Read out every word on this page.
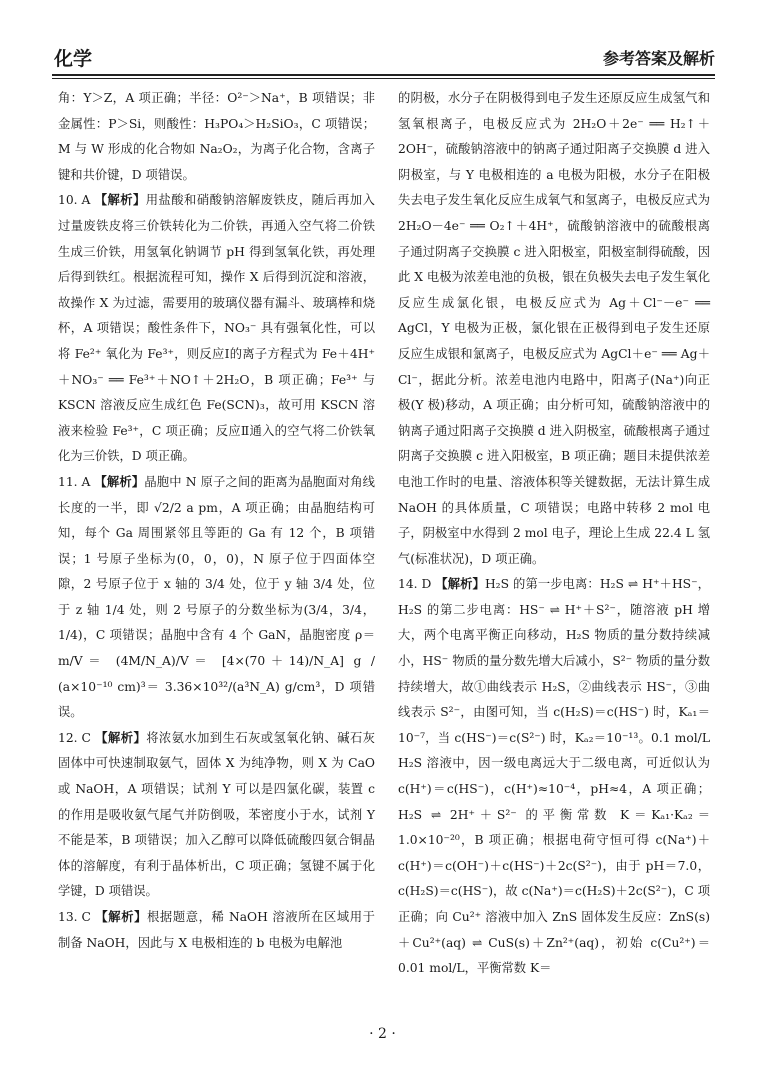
化学	参考答案及解析

角：Y＞Z，A 项正确；半径：O²⁻＞Na⁺，B 项错误；非金属性：P＞Si，则酸性：H₃PO₄＞H₂SiO₃，C 项错误；M 与 W 形成的化合物如 Na₂O₂，为离子化合物，含离子键和共价键，D 项错误。

10. A 【解析】用盐酸和硝酸钠溶解废铁皮，随后再加入过量废铁皮将三价铁转化为二价铁，再通入空气将二价铁生成三价铁，用氢氧化钠调节 pH 得到氢氧化铁，再处理后得到铁红。根据流程可知，操作 X 后得到沉淀和溶液，故操作 X 为过滤，需要用的玻璃仪器有漏斗、玻璃棒和烧杯，A 项错误；酸性条件下，NO₃⁻ 具有强氧化性，可以将 Fe²⁺ 氧化为 Fe³⁺，则反应Ⅰ的离子方程式为 Fe＋4H⁺＋NO₃⁻ ══ Fe³⁺＋NO↑＋2H₂O，B 项正确；Fe³⁺ 与 KSCN 溶液反应生成红色 Fe(SCN)₃，故可用 KSCN 溶液来检验 Fe³⁺，C 项正确；反应Ⅱ通入的空气将二价铁氧化为三价铁，D 项正确。

11. A 【解析】晶胞中 N 原子之间的距离为晶胞面对角线长度的一半，即 √2/2 a pm，A 项正确；由晶胞结构可知，每个 Ga 周围紧邻且等距的 Ga 有 12 个，B 项错误；1 号原子坐标为(0，0，0)，N 原子位于四面体空隙，2 号原子位于 x 轴的 3/4 处，位于 y 轴 3/4 处，位于 z 轴 1/4 处，则 2 号原子的分数坐标为(3/4，3/4，1/4)，C 项错误；晶胞中含有 4 个 GaN，晶胞密度 ρ＝ m/V＝ (4M/N_A)/V＝ [4×(70＋14)/N_A] g / (a×10⁻¹⁰ cm)³＝ 3.36×10³²/(a³N_A) g/cm³，D 项错误。

12. C 【解析】将浓氨水加到生石灰或氢氧化钠、碱石灰固体中可快速制取氨气，固体 X 为纯净物，则 X 为 CaO 或 NaOH，A 项错误；试剂 Y 可以是四氯化碳，装置 c 的作用是吸收氨气尾气并防倒吸，苯密度小于水，试剂 Y 不能是苯，B 项错误；加入乙醇可以降低硫酸四氨合铜晶体的溶解度，有利于晶体析出，C 项正确；氢键不属于化学键，D 项错误。

13. C 【解析】根据题意，稀 NaOH 溶液所在区域用于制备 NaOH，因此与 X 电极相连的 b 电极为电解池

的阴极，水分子在阴极得到电子发生还原反应生成氢气和氢氧根离子，电极反应式为 2H₂O＋2e⁻ ══ H₂↑＋2OH⁻，硫酸钠溶液中的钠离子通过阳离子交换膜 d 进入阴极室，与 Y 电极相连的 a 电极为阳极，水分子在阳极失去电子发生氧化反应生成氧气和氢离子，电极反应式为 2H₂O－4e⁻ ══ O₂↑＋4H⁺，硫酸钠溶液中的硫酸根离子通过阴离子交换膜 c 进入阳极室，阳极室制得硫酸，因此 X 电极为浓差电池的负极，银在负极失去电子发生氧化反应生成氯化银，电极反应式为 Ag＋Cl⁻－e⁻ ══ AgCl，Y 电极为正极，氯化银在正极得到电子发生还原反应生成银和氯离子，电极反应式为 AgCl＋e⁻ ══ Ag＋Cl⁻，据此分析。浓差电池内电路中，阳离子(Na⁺)向正极(Y 极)移动，A 项正确；由分析可知，硫酸钠溶液中的钠离子通过阳离子交换膜 d 进入阴极室，硫酸根离子通过阴离子交换膜 c 进入阳极室，B 项正确；题目未提供浓差电池工作时的电量、溶液体积等关键数据，无法计算生成 NaOH 的具体质量，C 项错误；电路中转移 2 mol 电子，阴极室中水得到 2 mol 电子，理论上生成 22.4 L 氢气(标准状况)，D 项正确。

14. D 【解析】H₂S 的第一步电离：H₂S ⇌ H⁺＋HS⁻，H₂S 的第二步电离：HS⁻ ⇌ H⁺＋S²⁻，随溶液 pH 增大，两个电离平衡正向移动，H₂S 物质的量分数持续减小，HS⁻ 物质的量分数先增大后减小，S²⁻ 物质的量分数持续增大，故①曲线表示 H₂S，②曲线表示 HS⁻，③曲线表示 S²⁻，由图可知，当 c(H₂S)＝c(HS⁻) 时，Kₐ₁＝10⁻⁷，当 c(HS⁻)＝c(S²⁻) 时，Kₐ₂＝10⁻¹³。0.1 mol/L H₂S 溶液中，因一级电离远大于二级电离，可近似认为 c(H⁺)＝c(HS⁻)，c(H⁺)≈10⁻⁴，pH≈4，A 项正确；H₂S ⇌ 2H⁺＋S²⁻ 的平衡常数 K＝Kₐ₁·Kₐ₂＝1.0×10⁻²⁰，B 项正确；根据电荷守恒可得 c(Na⁺)＋c(H⁺)＝c(OH⁻)＋c(HS⁻)＋2c(S²⁻)，由于 pH＝7.0，c(H₂S)＝c(HS⁻)，故 c(Na⁺)＝c(H₂S)＋2c(S²⁻)，C 项正确；向 Cu²⁺ 溶液中加入 ZnS 固体发生反应：ZnS(s)＋Cu²⁺(aq) ⇌ CuS(s)＋Zn²⁺(aq)，初始 c(Cu²⁺)＝0.01 mol/L，平衡常数 K＝

· 2 ·
